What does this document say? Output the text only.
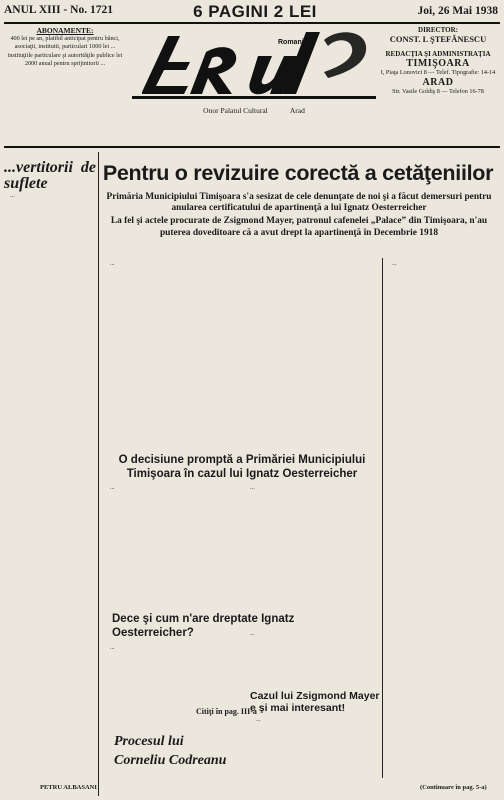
ANUL XIII - No. 1721	6 PAGINI 2 LEI	Joi, 26 Mai 1938
ABONAMENTE:
400 lei pe an, platibil anticipat pentru bănci, asociaţii, institutii, particulari 1000 lei ... instituţiile particulare şi autorităţile publice lei 2000 anual pentru sprijinitorii ...
Romania
Onor Palatul Cultural	Arad
DIRECTOR:
CONST. L ŞTEFĂNESCU
REDACŢIA ŞI ADMINISTRAŢIA
TIMIŞOARA
I, Piaţa Lonovici 8 — Telef. Tipografie: 14-14
ARAD
Str. Vasile Goldiş 8 — Telefon 16-78
...vertitorii de suflete

...

Pentru o revizuire corectă a cetăţeniilor
Primăria Municipiului Timişoara s'a sesizat de cele denunţate de noi şi a făcut demersuri pentru anularea certificatului de apartinenţă a lui Ignatz Oesterreicher
La fel şi actele procurate de Zsigmond Mayer, patronul cafenelei „Palace” din Timişoara, n'au puterea doveditoare că a avut drept la apartinenţă în Decembrie 1918

...	...

(Continuare în pag. 5-a)
O decisiune promptă a Primăriei Municipiului Timişoara în cazul lui Ignatz Oesterreicher

...	...

Dece şi cum n'are dreptate Ignatz Oesterreicher?

...

...

Cazul lui Zsigmond Mayer e şi mai interesant!

...

Citiţi în pag. III-a
Procesul lui
Corneliu Codreanu
PETRU ALBASANI
